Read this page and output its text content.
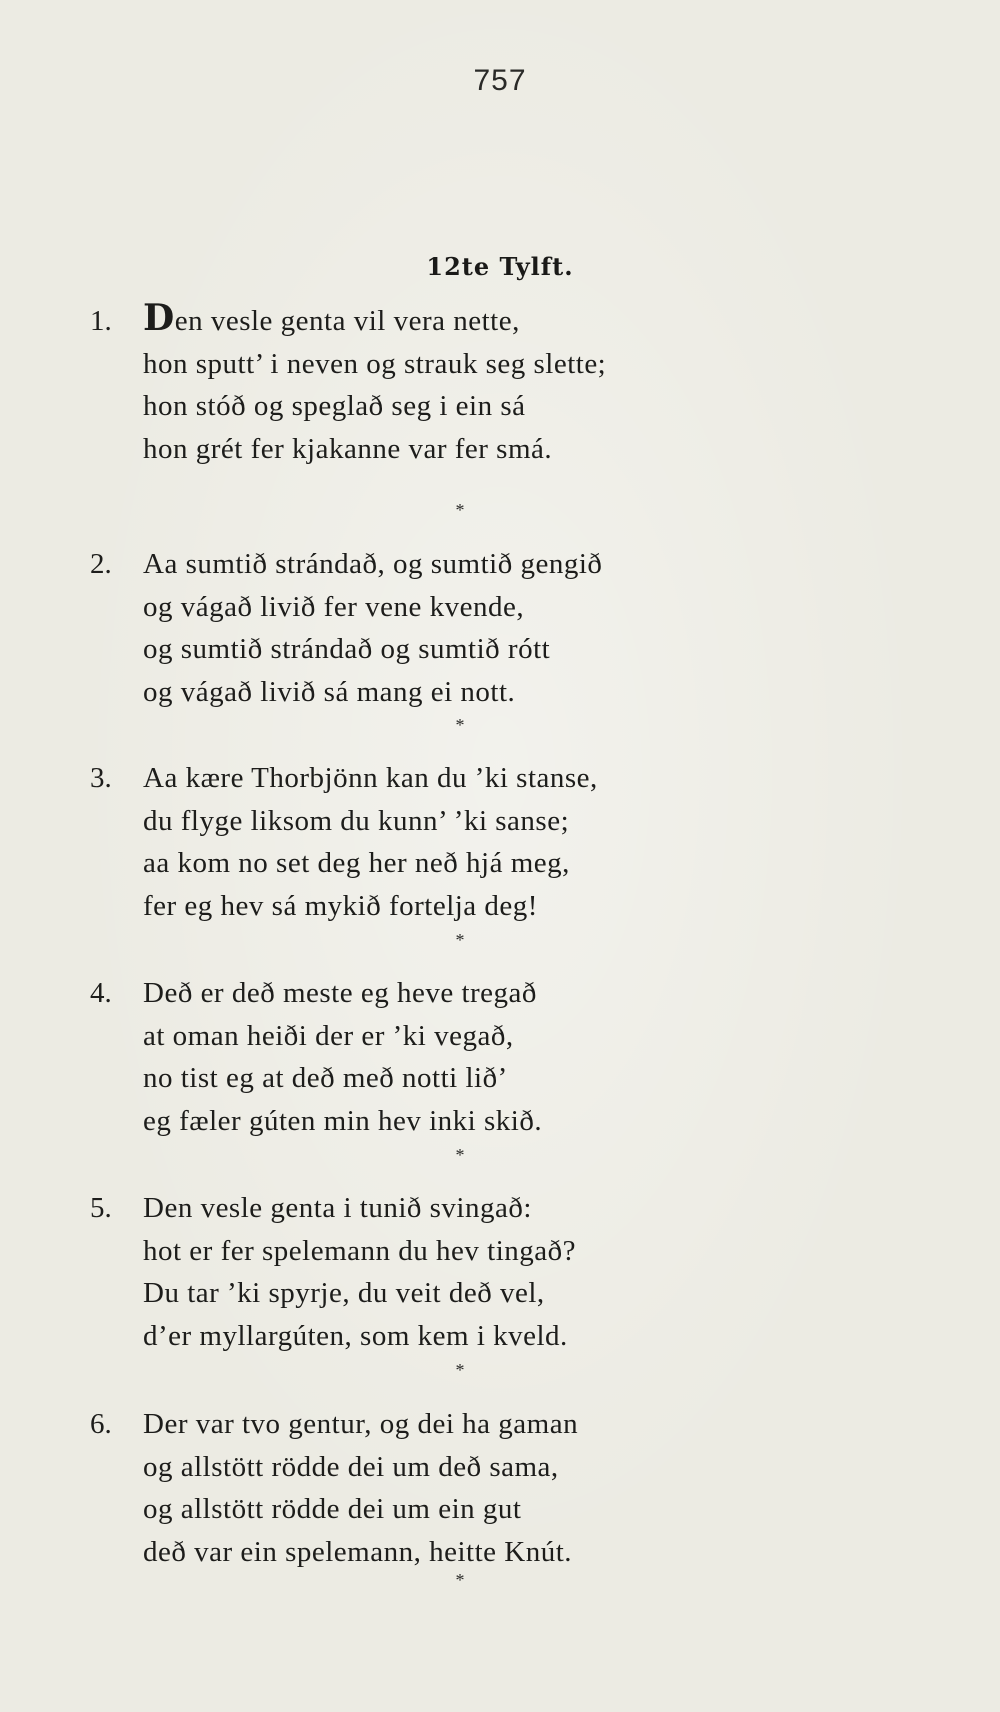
757
12te Tylft.
1. Den vesle genta vil vera nette,
hon sputt’ i neven og strauk seg slette;
hon stóð og speglað seg i ein sá
hon grét fer kjakanne var fer smá.
*
2. Aa sumtið strándað, og sumtið gengið
og vágað livið fer vene kvende,
og sumtið strándað og sumtið rótt
og vágað livið sá mang ei nott.
*
3. Aa kære Thorbjönn kan du ’ki stanse,
du flyge liksom du kunn’ ’ki sanse;
aa kom no set deg her neð hjá meg,
fer eg hev sá mykið fortelja deg!
*
4. Deð er deð meste eg heve tregað
at oman heiði der er ’ki vegað,
no tist eg at deð með notti lið’
eg fæler gúten min hev inki skið.
*
5. Den vesle genta i tunið svingað:
hot er fer spelemann du hev tingað?
Du tar ’ki spyrje, du veit deð vel,
d’er myllargúten, som kem i kveld.
*
6. Der var tvo gentur, og dei ha gaman
og allstött rödde dei um deð sama,
og allstött rödde dei um ein gut
deð var ein spelemann, heitte Knút.
*
